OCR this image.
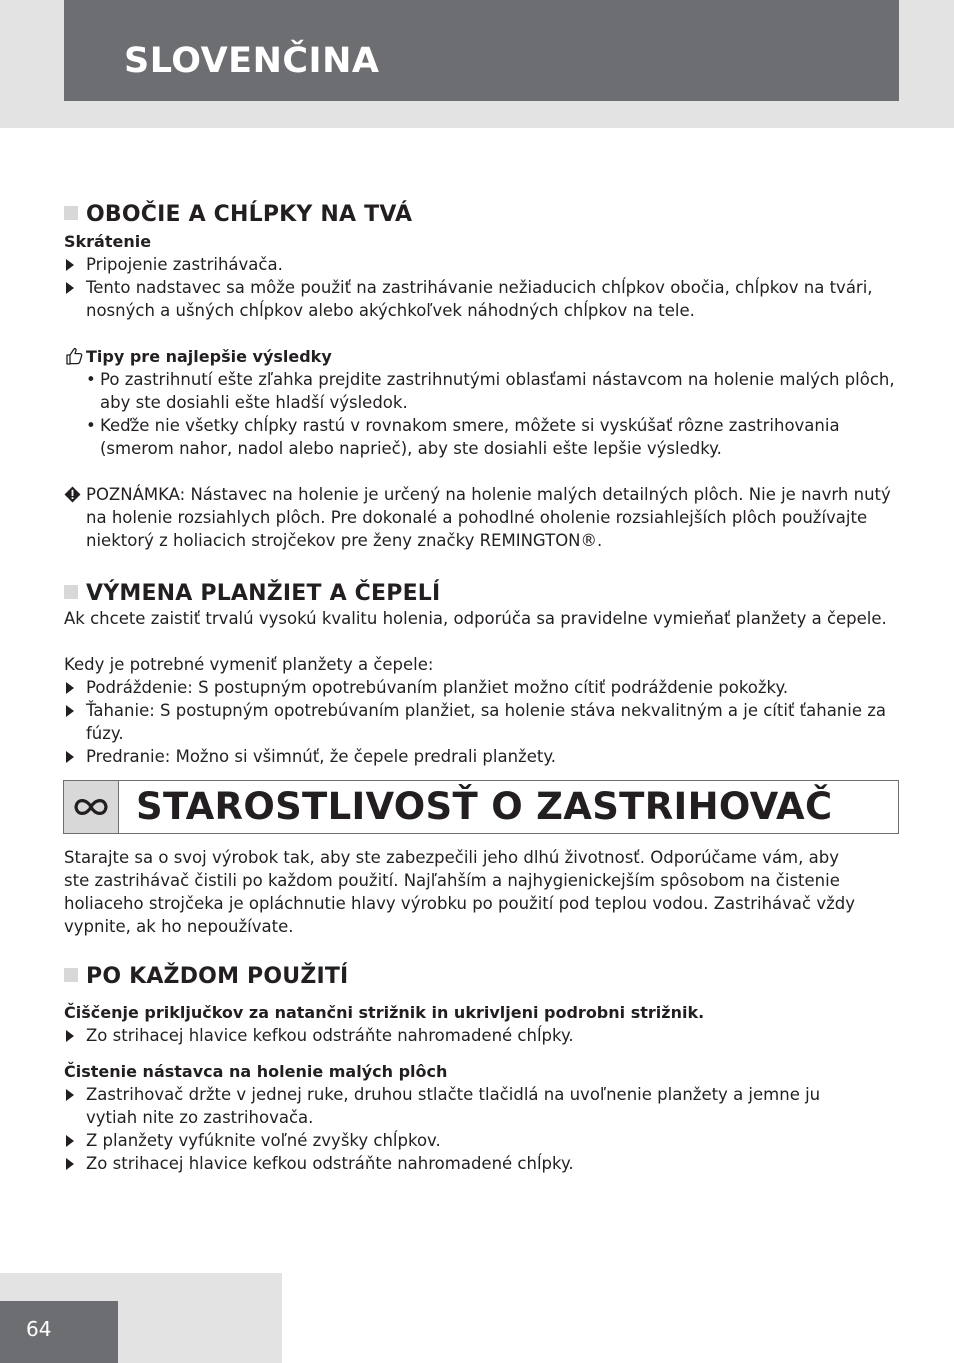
SLOVENČINA
OBOČIE A CHĹPKY NA TVÁ

Skrátenie

Pripojenie zastrihávača.
Tento nadstavec sa môže použiť na zastrihávanie nežiaducich chĺpkov obočia, chĺpkov na tvári, nosných a ušných chĺpkov alebo akýchkoľvek náhodných chĺpkov na tele.
Tipy pre najlepšie výsledky
• Po zastrihnutí ešte zľahka prejdite zastrihnutými oblasťami nástavcom na holenie malých plôch, aby ste dosiahli ešte hladší výsledok.
• Keďže nie všetky chĺpky rastú v rovnakom smere, môžete si vyskúšať rôzne zastrihovania (smerom nahor, nadol alebo naprieč), aby ste dosiahli ešte lepšie výsledky.
POZNÁMKA: Nástavec na holenie je určený na holenie malých detailných plôch. Nie je navrh nutý na holenie rozsiahlych plôch. Pre dokonalé a pohodlné oholenie rozsiahlejších plôch používajte niektorý z holiacich strojčekov pre ženy značky REMINGTON®.
VÝMENA PLANŽIET A ČEPELÍ

Ak chcete zaistiť trvalú vysokú kvalitu holenia, odporúča sa pravidelne vymieňať planžety a čepele.

Kedy je potrebné vymeniť planžety a čepele:

Podráždenie: S postupným opotrebúvaním planžiet možno cítiť podráždenie pokožky.
Ťahanie: S postupným opotrebúvaním planžiet, sa holenie stáva nekvalitným a je cítiť ťahanie za fúzy.
Predranie: Možno si všimnúť, že čepele predrali planžety.
STAROSTLIVOSŤ O ZASTRIHOVAČ

Starajte sa o svoj výrobok tak, aby ste zabezpečili jeho dlhú životnosť. Odporúčame vám, aby ste zastrihávač čistili po každom použití. Najľahším a najhygienickejším spôsobom na čistenie holiaceho strojčeka je opláchnutie hlavy výrobku po použití pod teplou vodou. Zastrihávač vždy vypnite, ak ho nepoužívate.

PO KAŽDOM POUŽITÍ

Čiščenje priključkov za natančni strižnik in ukrivljeni podrobni strižnik.

Zo strihacej hlavice kefkou odstráňte nahromadené chĺpky.

Čistenie nástavca na holenie malých plôch

Zastrihovač držte v jednej ruke, druhou stlačte tlačidlá na uvoľnenie planžety a jemne ju vytiah nite zo zastrihovača.
Z planžety vyfúknite voľné zvyšky chĺpkov.
Zo strihacej hlavice kefkou odstráňte nahromadené chĺpky.
64
